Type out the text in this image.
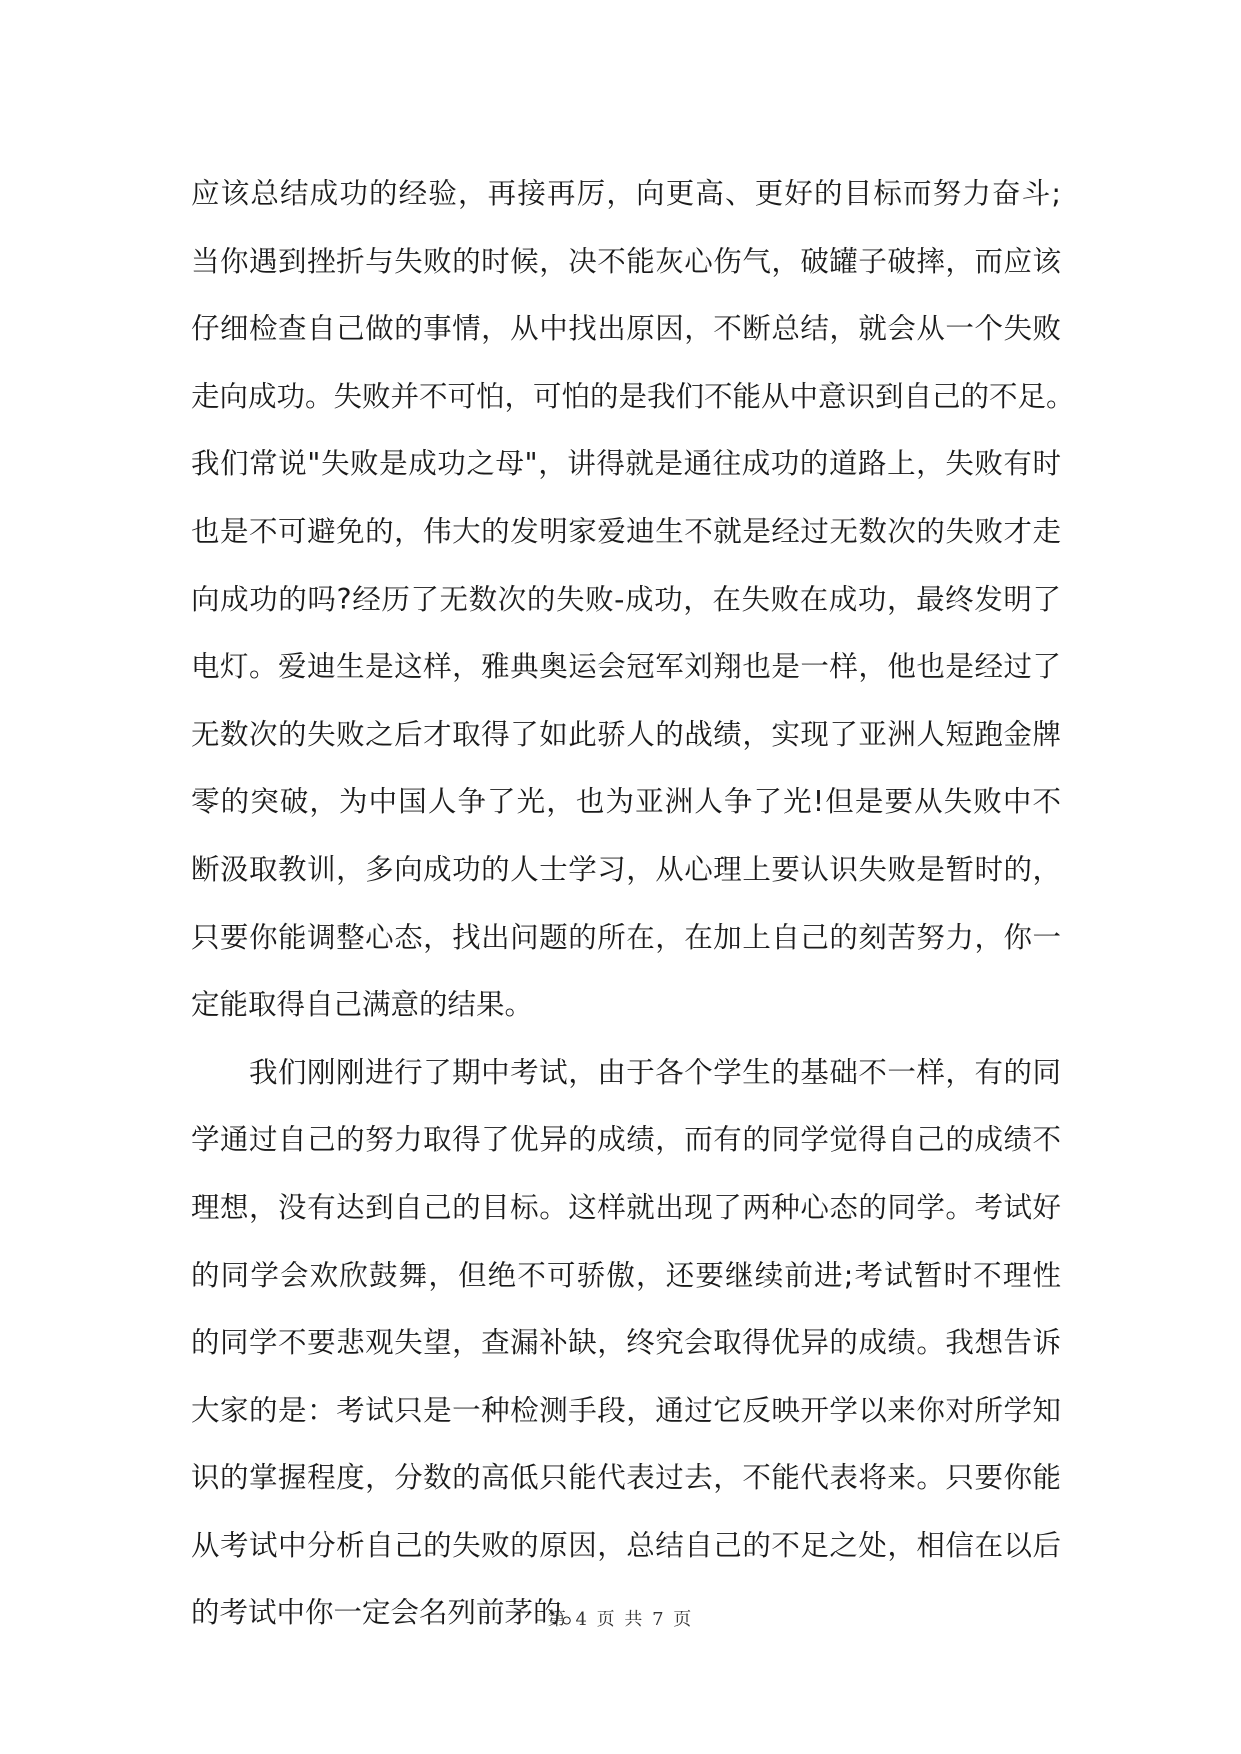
应该总结成功的经验，再接再厉，向更高、更好的目标而努力奋斗;
当你遇到挫折与失败的时候，决不能灰心伤气，破罐子破摔，而应该
仔细检查自己做的事情，从中找出原因，不断总结，就会从一个失败
走向成功。失败并不可怕，可怕的是我们不能从中意识到自己的不足。
我们常说"失败是成功之母"，讲得就是通往成功的道路上，失败有时
也是不可避免的，伟大的发明家爱迪生不就是经过无数次的失败才走
向成功的吗?经历了无数次的失败-成功，在失败在成功，最终发明了
电灯。爱迪生是这样，雅典奥运会冠军刘翔也是一样，他也是经过了
无数次的失败之后才取得了如此骄人的战绩，实现了亚洲人短跑金牌
零的突破，为中国人争了光，也为亚洲人争了光!但是要从失败中不
断汲取教训，多向成功的人士学习，从心理上要认识失败是暂时的，
只要你能调整心态，找出问题的所在，在加上自己的刻苦努力，你一
定能取得自己满意的结果。
我们刚刚进行了期中考试，由于各个学生的基础不一样，有的同
学通过自己的努力取得了优异的成绩，而有的同学觉得自己的成绩不
理想，没有达到自己的目标。这样就出现了两种心态的同学。考试好
的同学会欢欣鼓舞，但绝不可骄傲，还要继续前进;考试暂时不理性
的同学不要悲观失望，查漏补缺，终究会取得优异的成绩。我想告诉
大家的是：考试只是一种检测手段，通过它反映开学以来你对所学知
识的掌握程度，分数的高低只能代表过去，不能代表将来。只要你能
从考试中分析自己的失败的原因，总结自己的不足之处，相信在以后
的考试中你一定会名列前茅的。
第 4 页 共 7 页
